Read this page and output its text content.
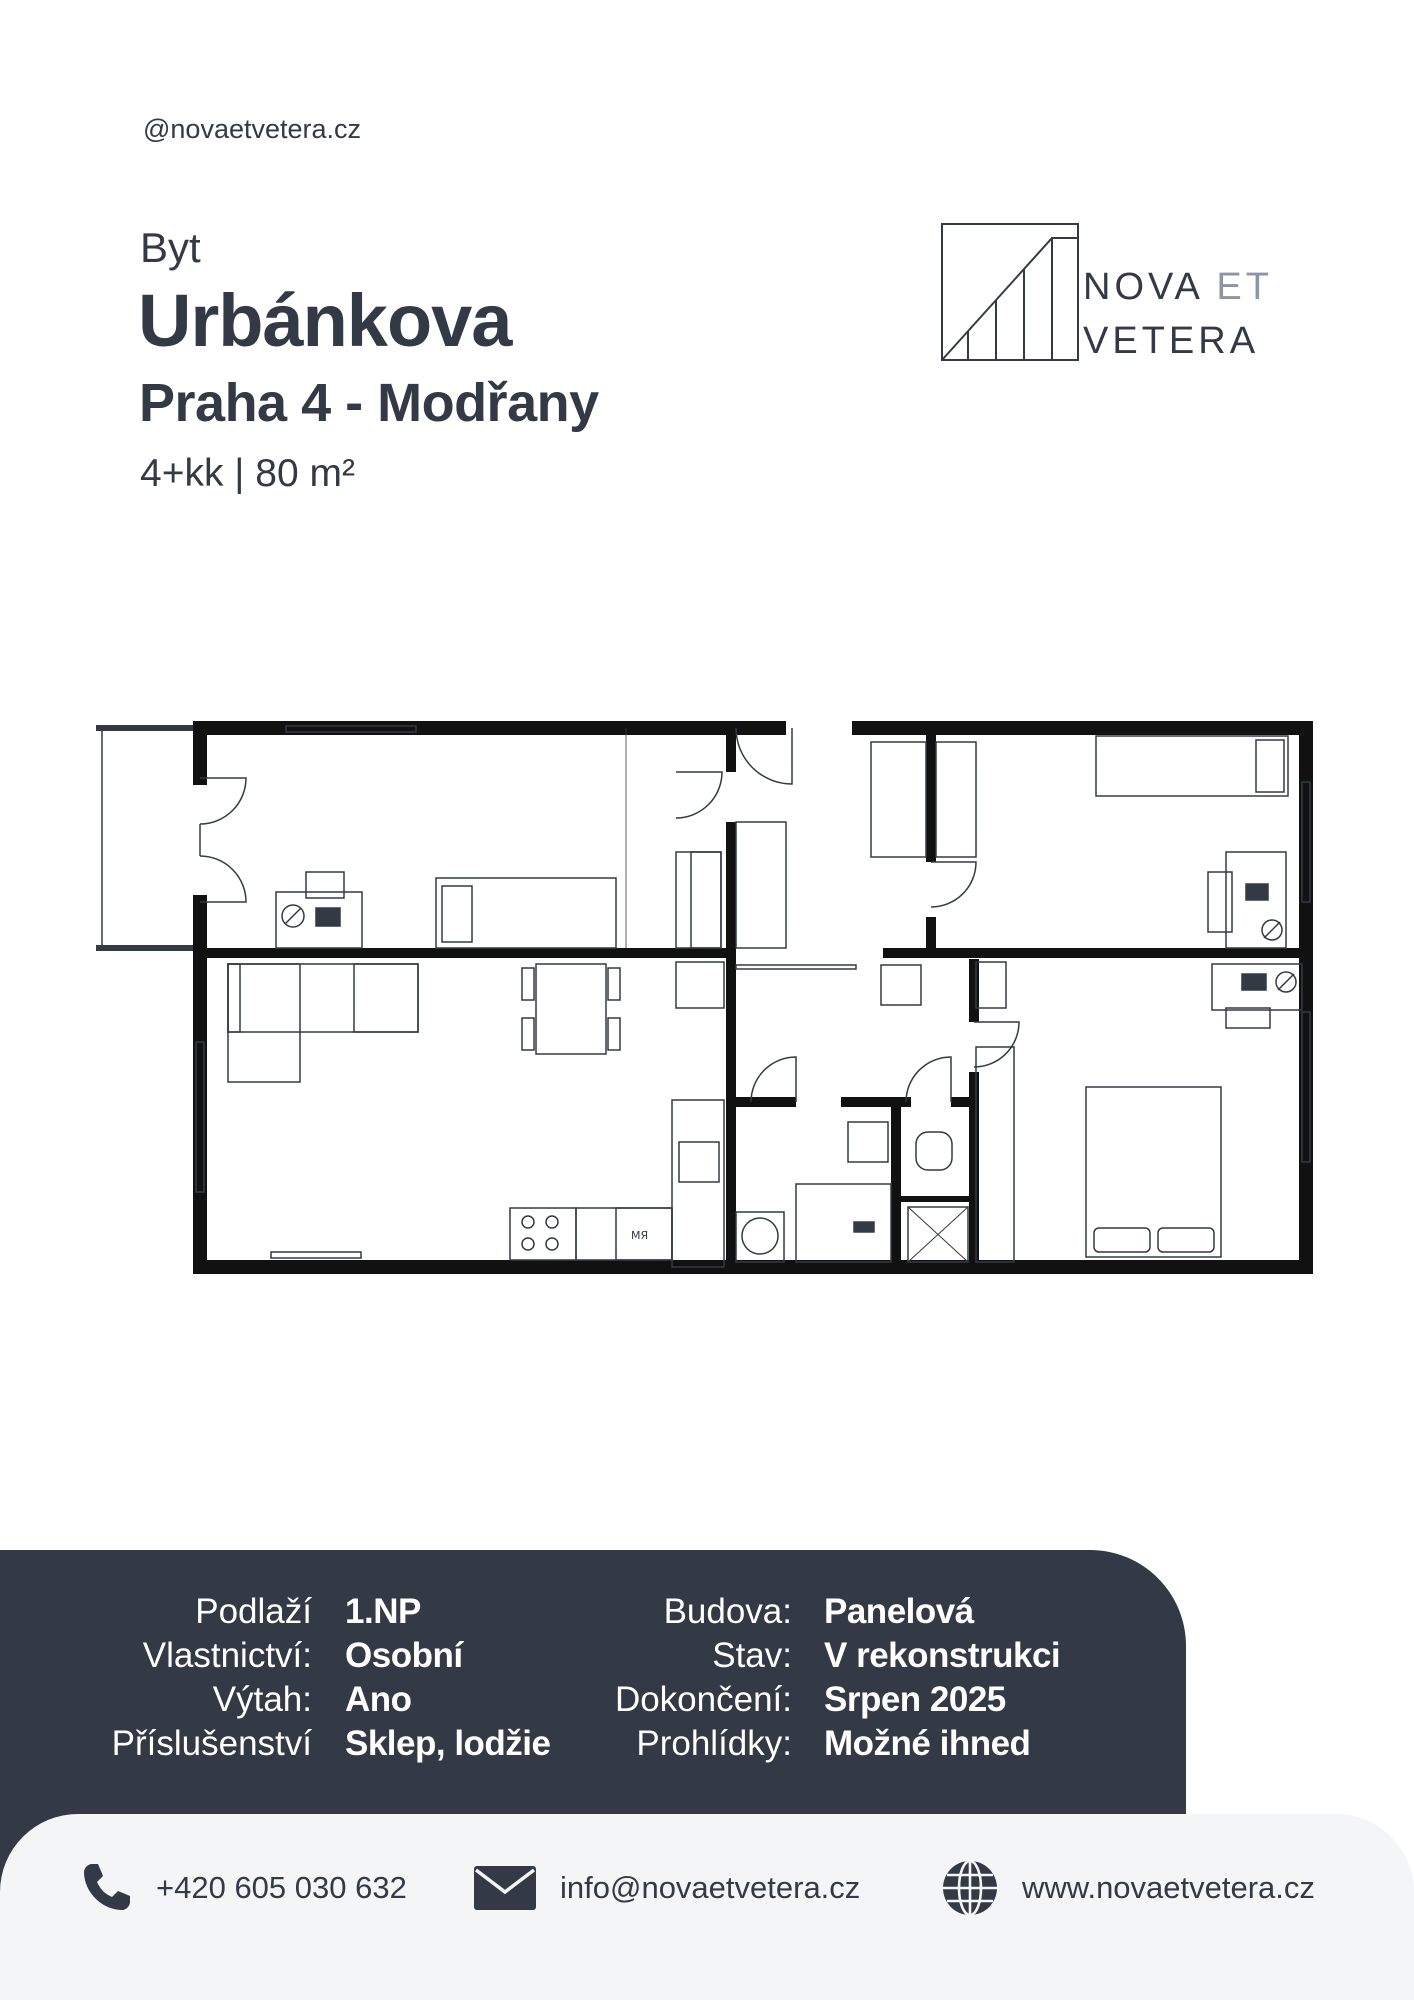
@novaetvetera.cz
Byt
Urbánkova
Praha 4 - Modřany
4+kk | 80 m²
NOVA ET
VETERA
MЯ
Podlaží
Vlastnictví:
Výtah:
Příslušenství
1.NP
Osobní
Ano
Sklep, lodžie
Budova:
Stav:
Dokončení:
Prohlídky:
Panelová
V rekonstrukci
Srpen 2025
Možné ihned
+420 605 030 632	info@novaetvetera.cz	www.novaetvetera.cz
